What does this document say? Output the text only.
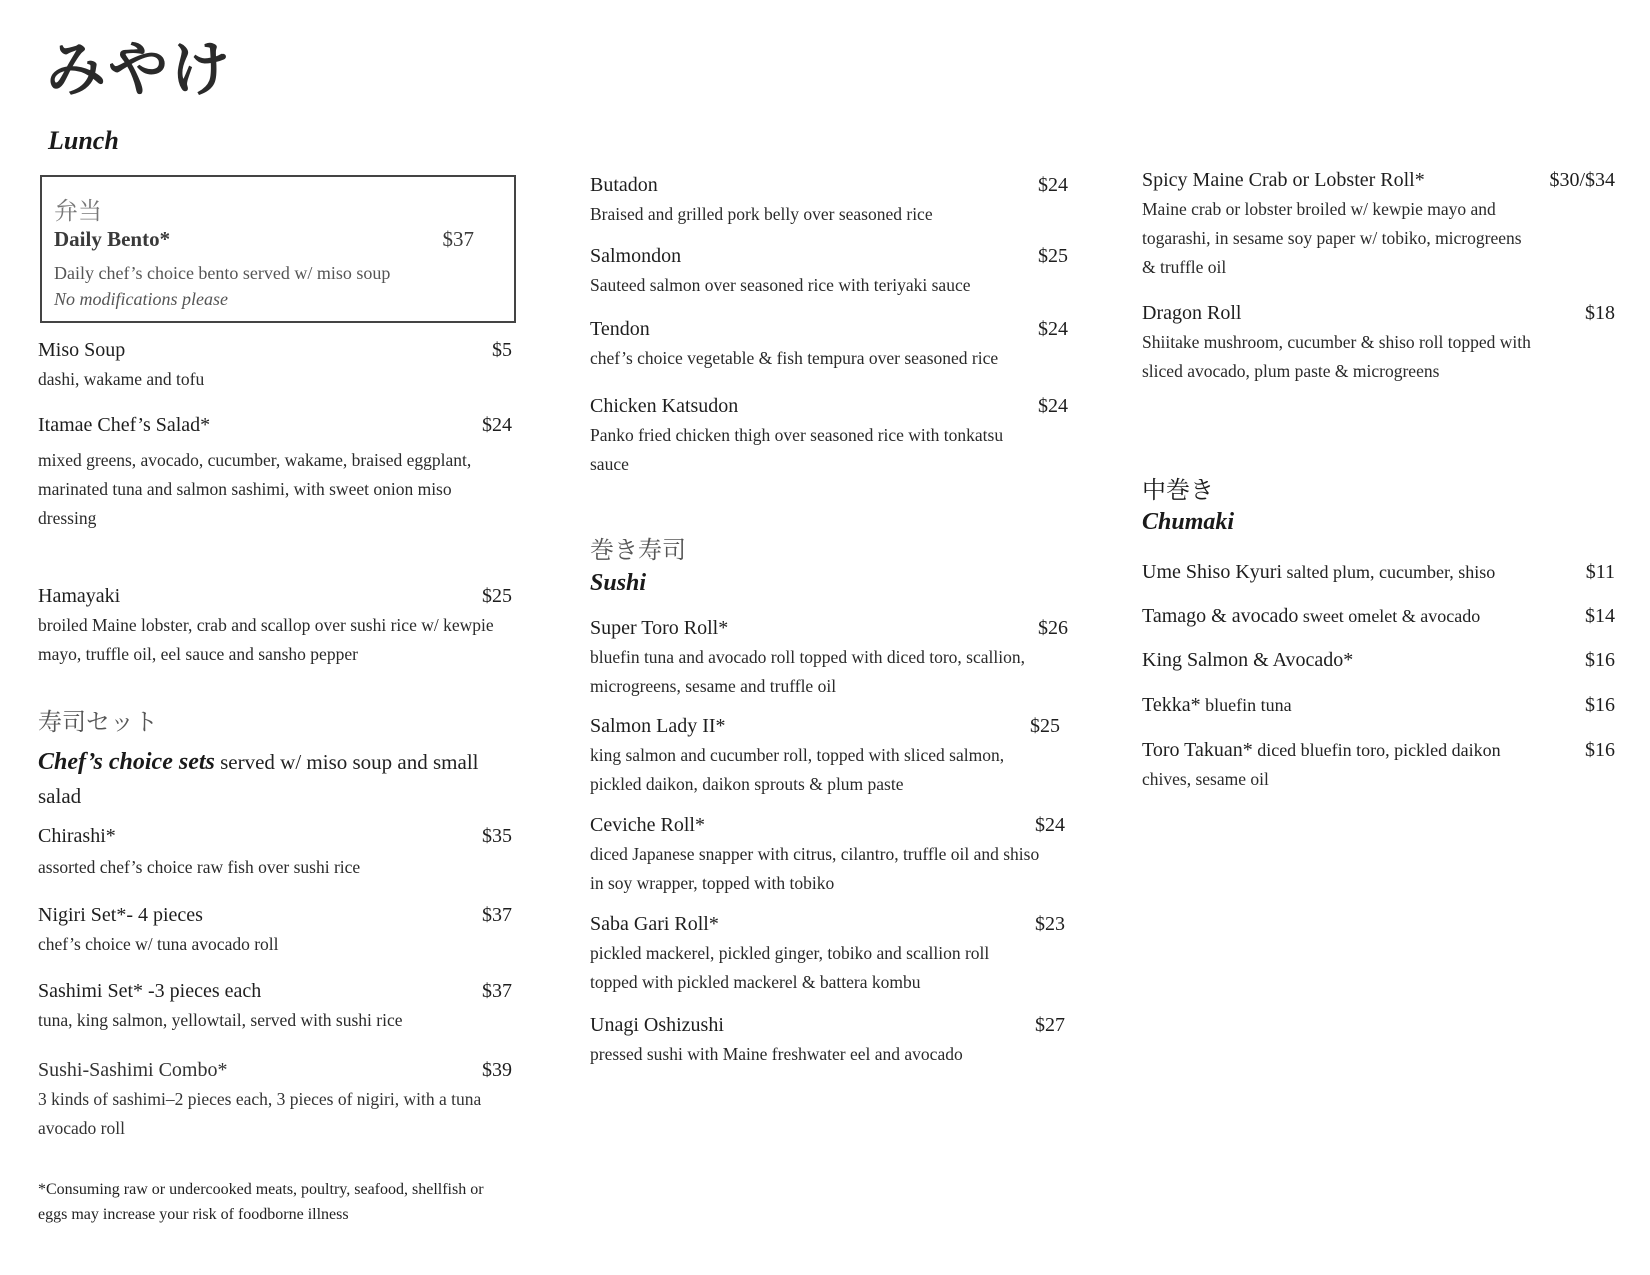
みやけ
Lunch
弁当
Daily Bento*	$37
Daily chef’s choice bento served w/ miso soup
No modifications please
Miso Soup	$5
dashi, wakame and tofu
Itamae Chef’s Salad*	$24
mixed greens, avocado, cucumber, wakame, braised eggplant,
marinated tuna and salmon sashimi, with sweet onion miso dressing
Hamayaki	$25
broiled Maine lobster, crab and scallop over sushi rice w/ kewpie mayo, truffle oil, eel sauce and sansho pepper
寿司セット
Chef’s choice sets served w/ miso soup and small salad
Chirashi*	$35
assorted chef’s choice raw fish over sushi rice
Nigiri Set*- 4 pieces	$37
chef’s choice w/ tuna avocado roll
Sashimi Set* -3 pieces each	$37
tuna, king salmon, yellowtail, served with sushi rice
Sushi-Sashimi Combo*	$39
3 kinds of sashimi–2 pieces each, 3 pieces of nigiri, with a tuna avocado roll
*Consuming raw or undercooked meats, poultry, seafood, shellfish or eggs may increase your risk of foodborne illness
Butadon	$24
Braised and grilled pork belly over seasoned rice
Salmondon	$25
Sauteed salmon over seasoned rice with teriyaki sauce
Tendon	$24
chef’s choice vegetable & fish tempura over seasoned rice
Chicken Katsudon	$24
Panko fried chicken thigh over seasoned rice with tonkatsu sauce
巻き寿司
Sushi
Super Toro Roll*	$26
bluefin tuna and avocado roll topped with diced toro, scallion, microgreens, sesame and truffle oil
Salmon Lady II*	$25
king salmon and cucumber roll, topped with sliced salmon, pickled daikon, daikon sprouts & plum paste
Ceviche Roll*	$24
diced Japanese snapper with citrus, cilantro, truffle oil and shiso in soy wrapper, topped with tobiko
Saba Gari Roll*	$23
pickled mackerel, pickled ginger, tobiko and scallion roll topped with pickled mackerel & battera kombu
Unagi Oshizushi	$27
pressed sushi with Maine freshwater eel and avocado
Spicy Maine Crab or Lobster Roll*	$30/$34
Maine crab or lobster broiled w/ kewpie mayo and togarashi, in sesame soy paper w/ tobiko, microgreens & truffle oil
Dragon Roll	$18
Shiitake mushroom, cucumber & shiso roll topped with sliced avocado, plum paste & microgreens
中巻き
Chumaki
Ume Shiso Kyuri salted plum, cucumber, shiso	$11
Tamago & avocado sweet omelet & avocado	$14
King Salmon & Avocado*	$16
Tekka* bluefin tuna	$16
Toro Takuan* diced bluefin toro, pickled daikon	$16
chives, sesame oil
